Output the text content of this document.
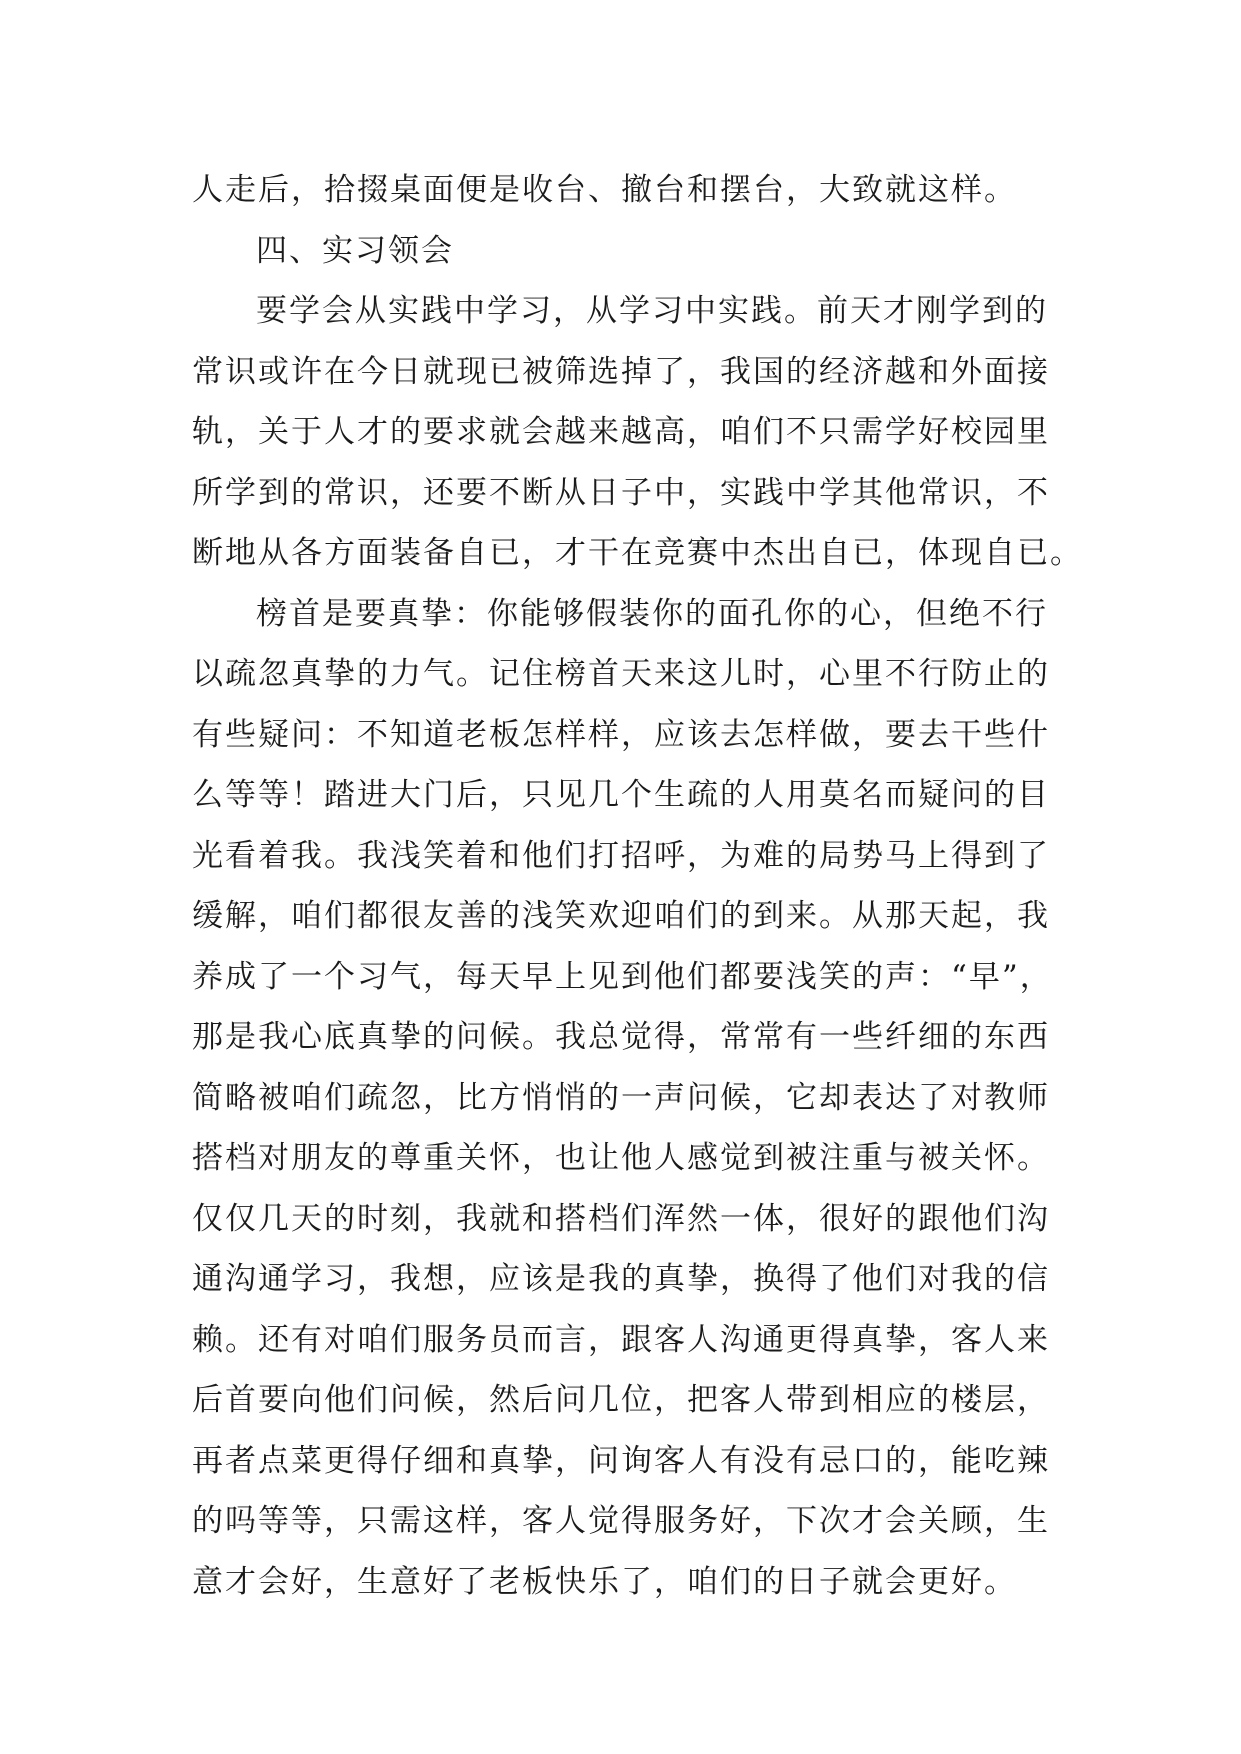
人走后，拾掇桌面便是收台、撤台和摆台，大致就这样。
四、实习领会
要学会从实践中学习，从学习中实践。前天才刚学到的
常识或许在今日就现已被筛选掉了，我国的经济越和外面接
轨，关于人才的要求就会越来越高，咱们不只需学好校园里
所学到的常识，还要不断从日子中，实践中学其他常识，不
断地从各方面装备自已，才干在竞赛中杰出自已，体现自已。
榜首是要真挚：你能够假装你的面孔你的心，但绝不行
以疏忽真挚的力气。记住榜首天来这儿时，心里不行防止的
有些疑问：不知道老板怎样样，应该去怎样做，要去干些什
么等等！踏进大门后，只见几个生疏的人用莫名而疑问的目
光看着我。我浅笑着和他们打招呼，为难的局势马上得到了
缓解，咱们都很友善的浅笑欢迎咱们的到来。从那天起，我
养成了一个习气，每天早上见到他们都要浅笑的声：“早”，
那是我心底真挚的问候。我总觉得，常常有一些纤细的东西
简略被咱们疏忽，比方悄悄的一声问候，它却表达了对教师
搭档对朋友的尊重关怀，也让他人感觉到被注重与被关怀。
仅仅几天的时刻，我就和搭档们浑然一体，很好的跟他们沟
通沟通学习，我想，应该是我的真挚，换得了他们对我的信
赖。还有对咱们服务员而言，跟客人沟通更得真挚，客人来
后首要向他们问候，然后问几位，把客人带到相应的楼层，
再者点菜更得仔细和真挚，问询客人有没有忌口的，能吃辣
的吗等等，只需这样，客人觉得服务好，下次才会关顾，生
意才会好，生意好了老板快乐了，咱们的日子就会更好。
